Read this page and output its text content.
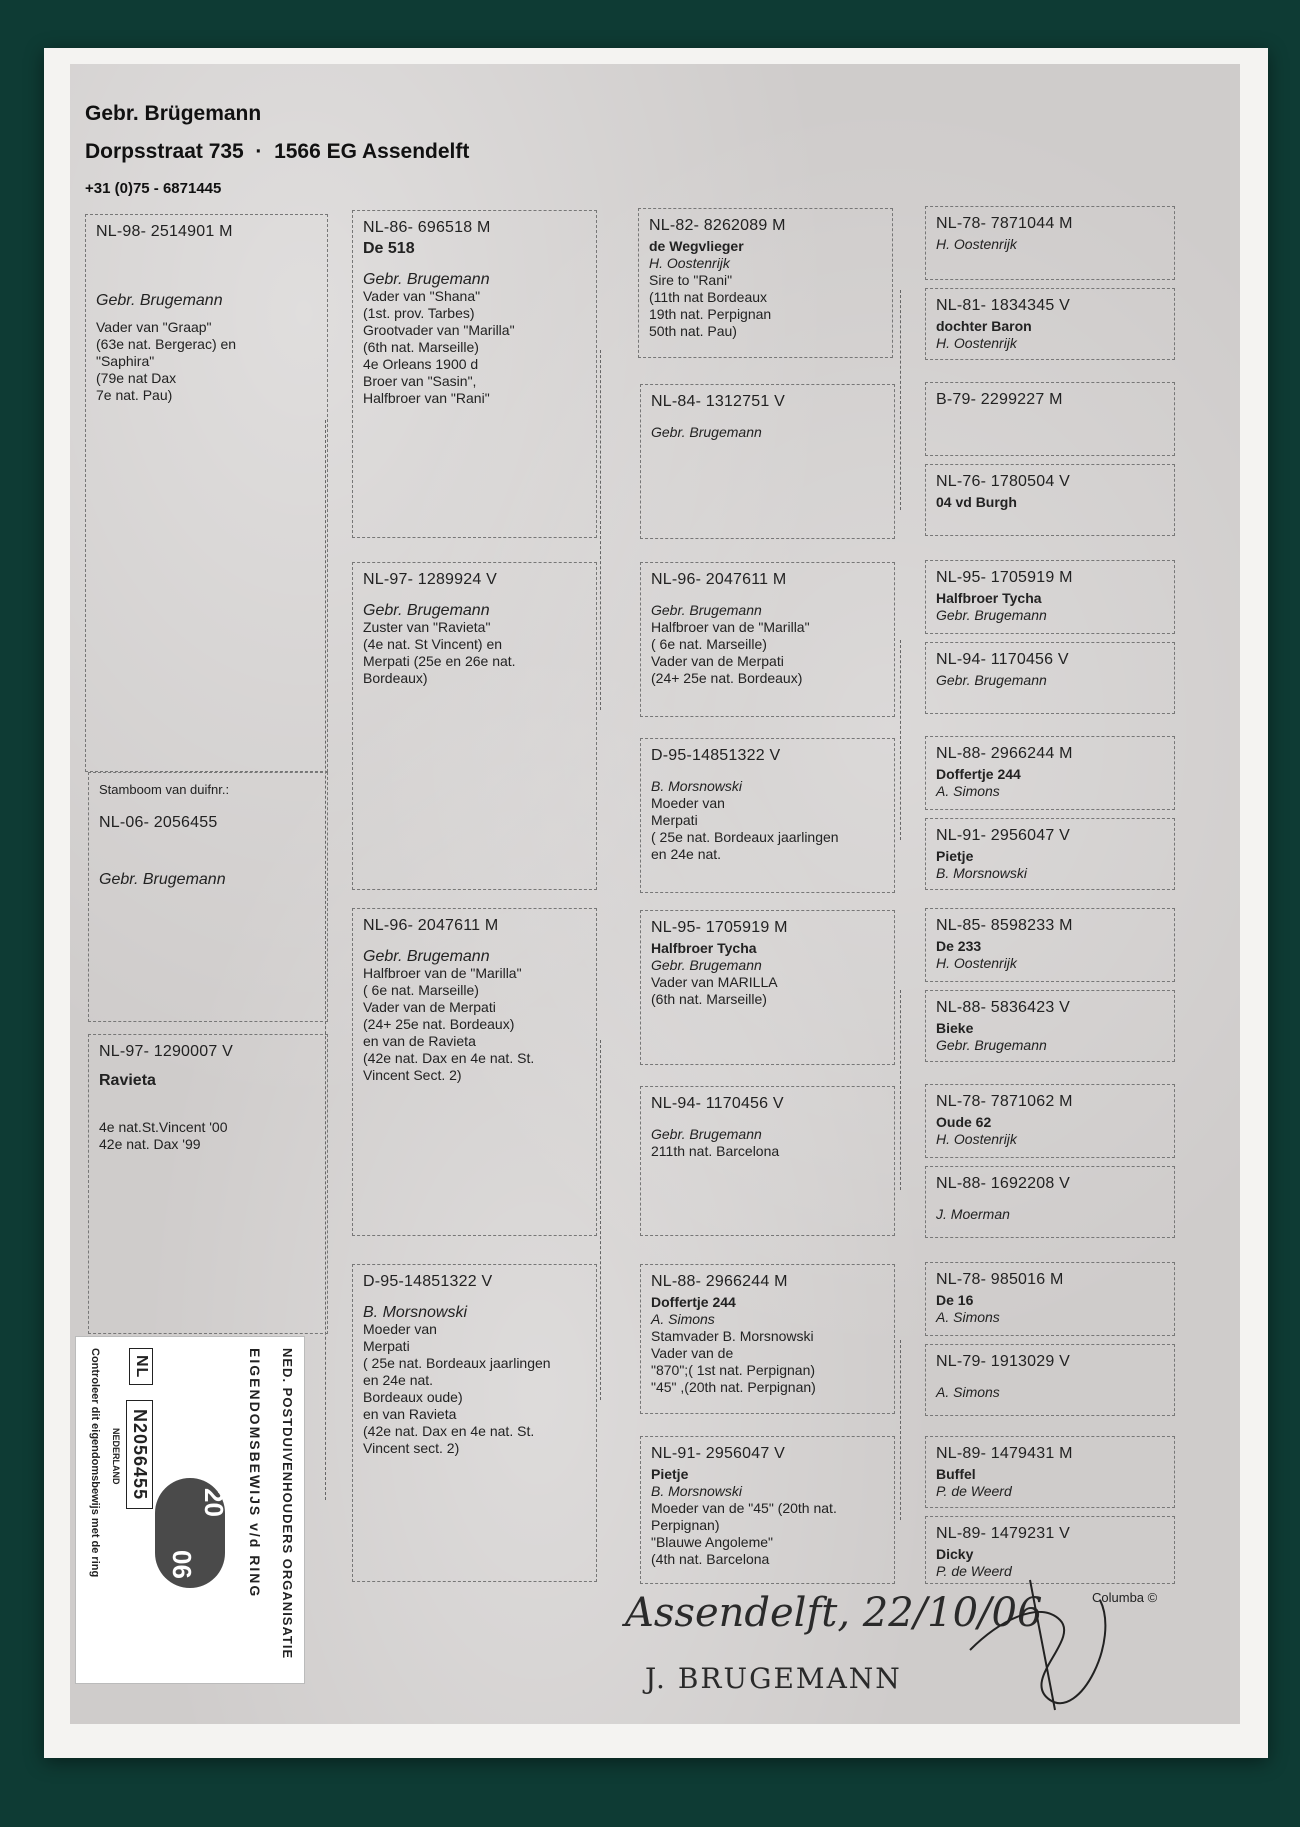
Gebr. Brügemann
Dorpsstraat 735  ·  1566 EG Assendelft
+31 (0)75 - 6871445
NL-98- 2514901 M
Gebr. Brugemann
Vader van "Graap"
(63e nat. Bergerac) en
"Saphira"
(79e nat Dax
7e nat. Pau)
Stamboom van duifnr.:
NL-06- 2056455
Gebr. Brugemann
NL-97- 1290007 V
Ravieta
4e nat.St.Vincent '00
42e nat. Dax '99
NL-86- 696518 M
De 518
Gebr. Brugemann
Vader van "Shana"
(1st. prov. Tarbes)
Grootvader van "Marilla"
(6th nat. Marseille)
4e Orleans 1900 d
Broer van "Sasin",
Halfbroer van "Rani"
NL-97- 1289924 V
Gebr. Brugemann
Zuster van "Ravieta"
(4e nat. St Vincent) en
Merpati (25e en 26e nat.
Bordeaux)
NL-96- 2047611 M
Gebr. Brugemann
Halfbroer van de "Marilla"
( 6e nat. Marseille)
Vader van de Merpati
(24+ 25e nat. Bordeaux)
en van de Ravieta
(42e nat. Dax en 4e nat. St.
Vincent Sect. 2)
D-95-14851322 V
B. Morsnowski
Moeder van
Merpati
( 25e nat. Bordeaux jaarlingen
en 24e nat.
Bordeaux oude)
en van Ravieta
(42e nat. Dax en 4e nat. St.
Vincent sect. 2)
NL-82- 8262089 M
de Wegvlieger
H. Oostenrijk
Sire to "Rani"
(11th nat Bordeaux
19th nat. Perpignan
50th nat. Pau)
NL-84- 1312751 V
Gebr. Brugemann
NL-96- 2047611 M
Gebr. Brugemann
Halfbroer van de "Marilla"
( 6e nat. Marseille)
Vader van de Merpati
(24+ 25e nat. Bordeaux)
D-95-14851322 V
B. Morsnowski
Moeder van
Merpati
( 25e nat. Bordeaux jaarlingen
en 24e nat.
NL-95- 1705919 M
Halfbroer Tycha
Gebr. Brugemann
Vader van MARILLA
(6th nat. Marseille)
NL-94- 1170456 V
Gebr. Brugemann
211th nat. Barcelona
NL-88- 2966244 M
Doffertje 244
A. Simons
Stamvader B. Morsnowski
Vader van de
"870";( 1st nat. Perpignan)
"45" ,(20th nat. Perpignan)
NL-91- 2956047 V
Pietje
B. Morsnowski
Moeder van de "45" (20th nat.
Perpignan)
"Blauwe Angoleme"
(4th nat. Barcelona
NL-78- 7871044 M
H. Oostenrijk
NL-81- 1834345 V
dochter Baron
H. Oostenrijk
B-79- 2299227 M
NL-76- 1780504 V
04 vd Burgh
NL-95- 1705919 M
Halfbroer Tycha
Gebr. Brugemann
NL-94- 1170456 V
Gebr. Brugemann
NL-88- 2966244 M
Doffertje 244
A. Simons
NL-91- 2956047 V
Pietje
B. Morsnowski
NL-85- 8598233 M
De 233
H. Oostenrijk
NL-88- 5836423 V
Bieke
Gebr. Brugemann
NL-78- 7871062 M
Oude 62
H. Oostenrijk
NL-88- 1692208 V
J. Moerman
NL-78- 985016 M
De 16
A. Simons
NL-79- 1913029 V
A. Simons
NL-89- 1479431 M
Buffel
P. de Weerd
NL-89- 1479231 V
Dicky
P. de Weerd
Columba ©
NED. POSTDUIVENHOUDERS ORGANISATIE
EIGENDOMSBEWIJS v/d RING
20
06
NL
N2056455
NEDERLAND
Controleer dit eigendomsbewijs met de ring
Assendelft, 22/10/06
J. BRUGEMANN
